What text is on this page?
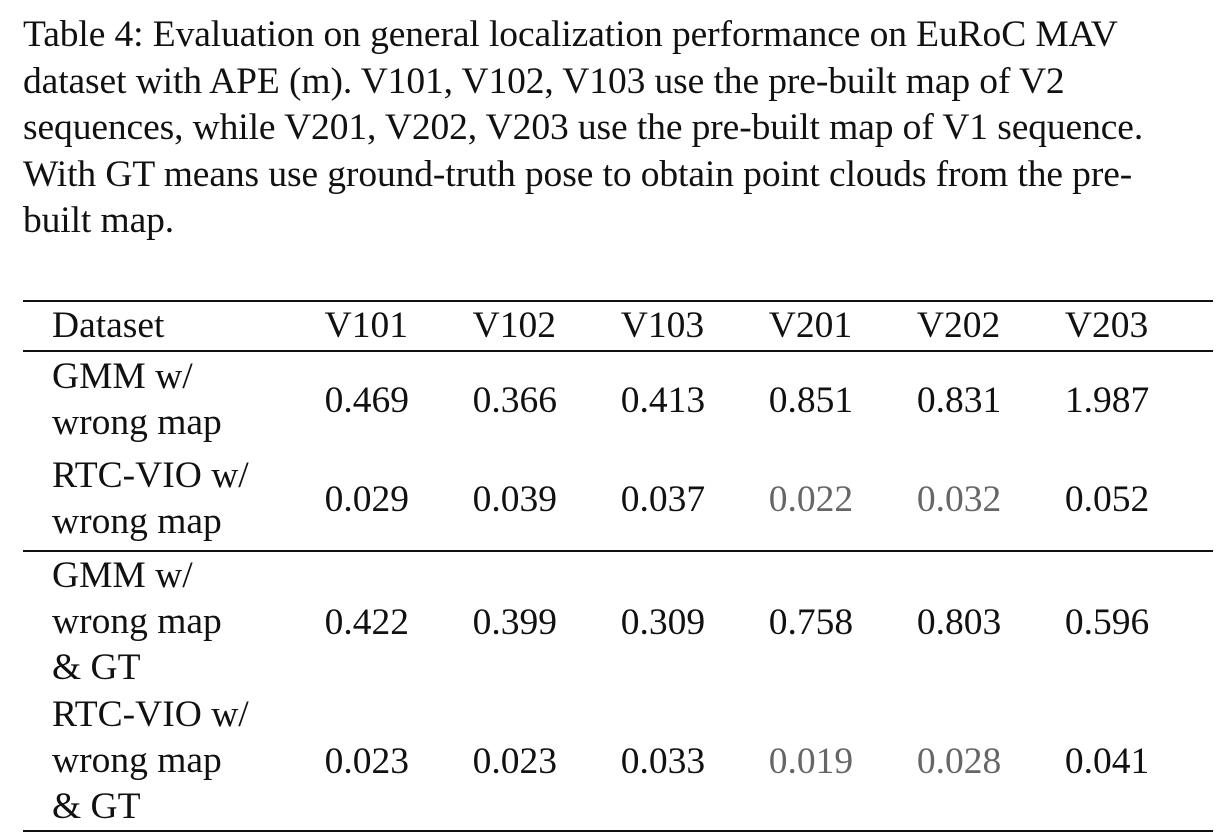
Table 4: Evaluation on general localization performance on EuRoC MAV dataset with APE (m). V101, V102, V103 use the pre-built map of V2 sequences, while V201, V202, V203 use the pre-built map of V1 sequence. With GT means use ground-truth pose to obtain point clouds from the pre-built map.

Dataset	V101	V102	V103	V201	V202	V203

GMM w/
wrong map	0.469	0.366	0.413	0.851	0.831	1.987

RTC-VIO w/
wrong map	0.029	0.039	0.037	0.022	0.032	0.052

GMM w/
wrong map
& GT	0.422	0.399	0.309	0.758	0.803	0.596

RTC-VIO w/
wrong map
& GT	0.023	0.023	0.033	0.019	0.028	0.041
